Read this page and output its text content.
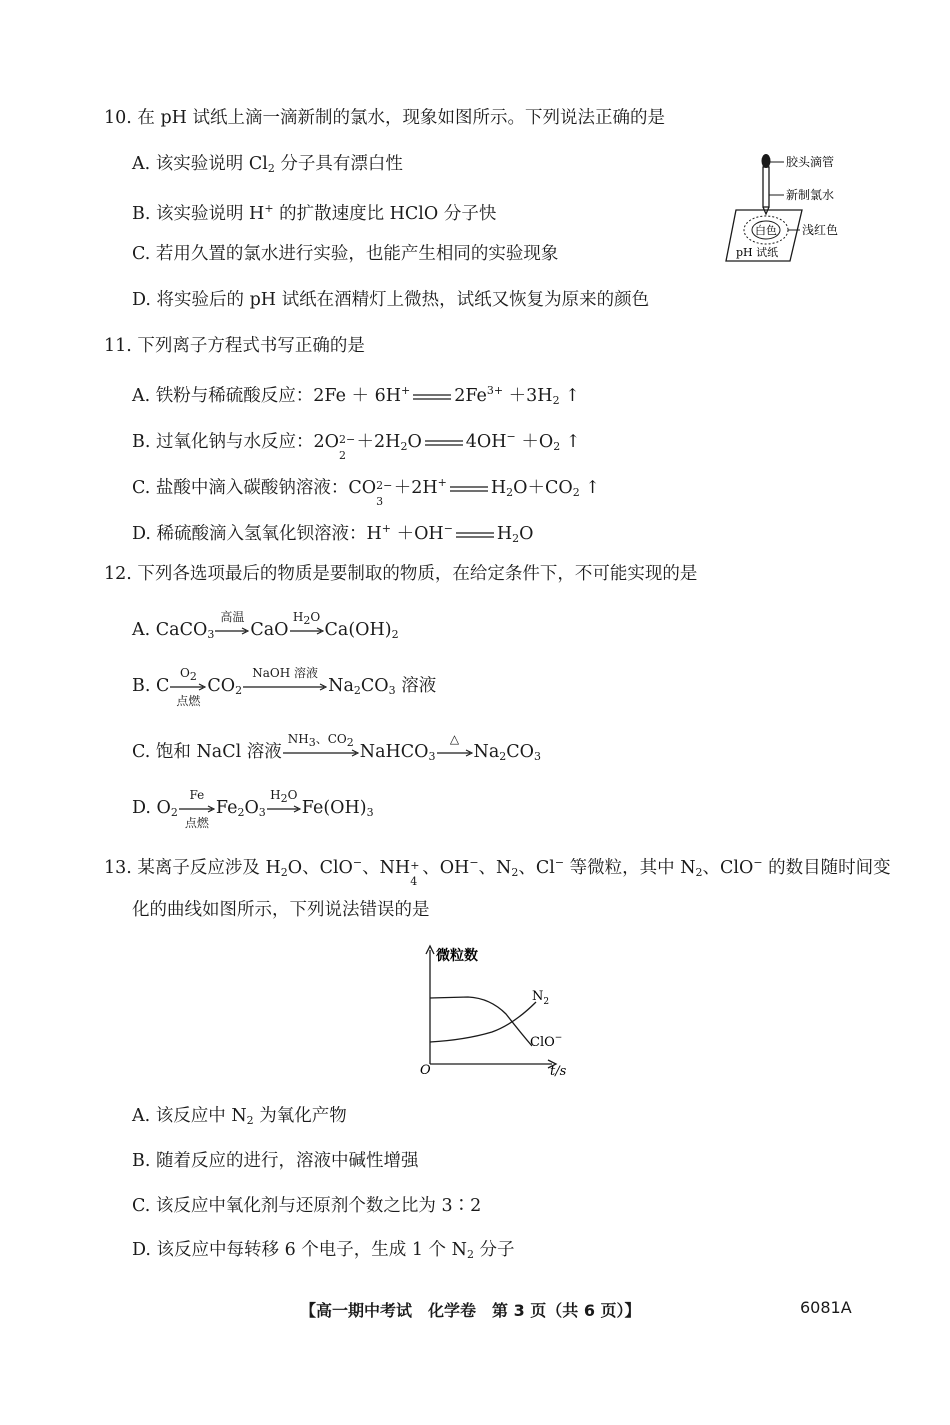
10. 在 pH 试纸上滴一滴新制的氯水，现象如图所示。下列说法正确的是
A. 该实验说明 $Cl_2$ 分子具有漂白性
B. 该实验说明 H+ 的扩散速度比 HClO 分子快
C. 若用久置的氯水进行实验，也能产生相同的实验现象
D. 将实验后的 pH 试纸在酒精灯上微热，试纸又恢复为原来的颜色
胶头滴管
新制氯水
浅红色
白色
pH 试纸
11. 下列离子方程式书写正确的是
A. 铁粉与稀硫酸反应：2Fe ＋ 6H+	$2Fe^{3+} +3H_2$ ↑
B. 过氧化钠与水反应：2O 2−
2
$+2H_2O$	$4OH^- +O_2$ ↑
C. 盐酸中滴入碳酸钠溶液：CO 2−
3
＋2H+	$H_2O+CO_2$ ↑
D. 稀硫酸滴入氢氧化钡溶液：H+ ＋OH−	$H_2O$
12. 下列各选项最后的物质是要制取的物质，在给定条件下，不可能实现的是
A. CaCO$_3$
高温
CaO
$H_2O$
$Ca(OH)_2$
B. C
$O_2$
点燃
$CO_2$
NaOH 溶液
$Na_2CO_3$ 溶液
C. 饱和 NaCl 溶液
$NH_3$、$CO_2$ NaHCO$_3$
△
$Na_2CO_3$
D. $O_2$
Fe
点燃
$Fe_2O_3$
$H_2O$
$Fe(OH)_3$
13. 某离子反应涉及 $H_2O$、ClO−、NH +
4
、OH−、$N_2$、Cl− 等微粒，其中 $N_2$、ClO− 的数目随时间变
化的曲线如图所示，下列说法错误的是
微粒数
t/s
O
$N_2$
ClO−
A. 该反应中 $N_2$ 为氧化产物
B. 随着反应的进行，溶液中碱性增强
C. 该反应中氧化剂与还原剂个数之比为 3∶2
D. 该反应中每转移 6 个电子，生成 1 个 $N_2$ 分子
【高一期中考试　化学卷　第 3 页（共 6 页）】	6081A
